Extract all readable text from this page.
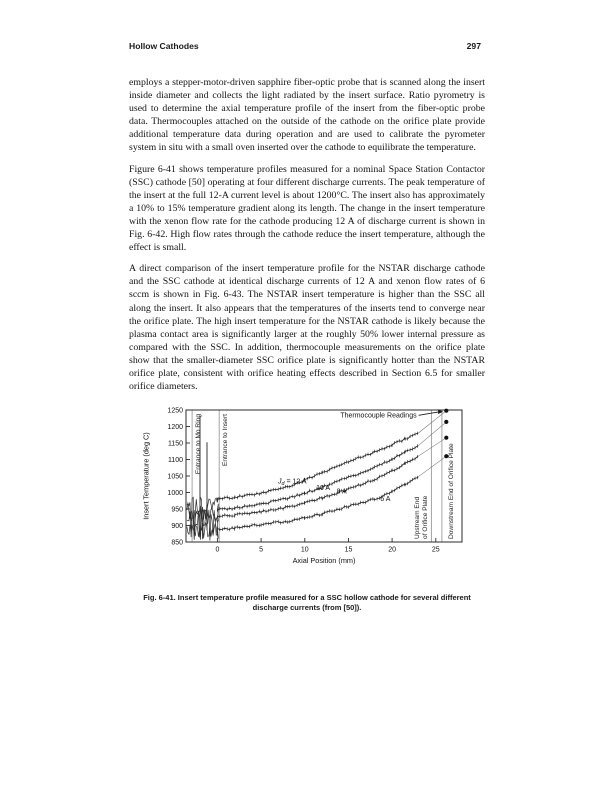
Hollow Cathodes	297

employs a stepper-motor-driven sapphire fiber-optic probe that is scanned along the insert inside diameter and collects the light radiated by the insert surface. Ratio pyrometry is used to determine the axial temperature profile of the insert from the fiber-optic probe data. Thermocouples attached on the outside of the cathode on the orifice plate provide additional temperature data during operation and are used to calibrate the pyrometer system in situ with a small oven inserted over the cathode to equilibrate the temperature.

Figure 6-41 shows temperature profiles measured for a nominal Space Station Contactor (SSC) cathode [50] operating at four different discharge currents. The peak temperature of the insert at the full 12-A current level is about 1200°C. The insert also has approximately a 10% to 15% temperature gradient along its length. The change in the insert temperature with the xenon flow rate for the cathode producing 12 A of discharge current is shown in Fig. 6-42. High flow rates through the cathode reduce the insert temperature, although the effect is small.

A direct comparison of the insert temperature profile for the NSTAR discharge cathode and the SSC cathode at identical discharge currents of 12 A and xenon flow rates of 6 sccm is shown in Fig. 6-43. The NSTAR insert temperature is higher than the SSC all along the insert. It also appears that the temperatures of the inserts tend to converge near the orifice plate. The high insert temperature for the NSTAR cathode is likely because the plasma contact area is significantly larger at the roughly 50% lower internal pressure as compared with the SSC. In addition, thermocouple measurements on the orifice plate show that the smaller-diameter SSC orifice plate is significantly hotter than the NSTAR orifice plate, consistent with orifice heating effects described in Section 6.5 for smaller orifice diameters.

$J_d = 12$ A
10 A 8 A
6 A
0	5	10	15	20	25
850
900
950
1000
1050
1100
1150
1200
1250
Axial Position (mm)
Insert Temperature (deg C)	Entrance to Mo Ring	Entrance to Insert
Upstream End of Orifice Plate	Downstream End of Orifice Plate
Thermocouple Readings
Fig. 6-41. Insert temperature profile measured for a SSC hollow cathode for several different discharge currents (from [50]).
